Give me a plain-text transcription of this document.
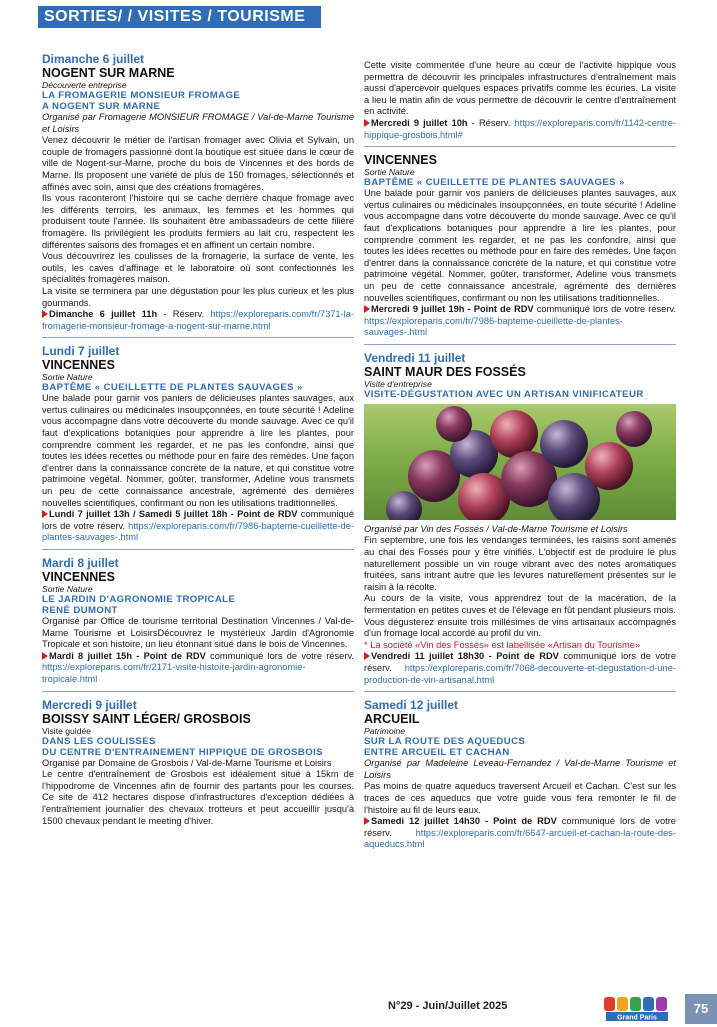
SORTIES/ / VISITES / TOURISME
Dimanche 6 juillet
NOGENT SUR MARNE
Découverte entreprise
LA FROMAGERIE MONSIEUR FROMAGE
A NOGENT SUR MARNE

Organisé par Fromagerie MONSIEUR FROMAGE / Val-de-Marne Tourisme et Loisirs

Venez découvrir le métier de l'artisan fromager avec Olivia et Sylvain, un couple de fromagers passionné dont la boutique est située dans le cœur de ville de Nogent-sur-Marne, proche du bois de Vincennes et des bords de Marne. Ils proposent une variété de plus de 150 fromages, sélectionnés et affinés avec soin, ainsi que des créations fromagères.

Ils vous raconteront l'histoire qui se cache derrière chaque fromage avec les différents terroirs, les animaux, les femmes et les hommes qui produisent toute l'année. Ils souhaitent être ambassadeurs de cette filière fromagère. Ils privilégient les produits fermiers au lait cru, respectent les différentes saisons des fromages et en affinent un certain nombre.

Vous découvrirez les coulisses de la fromagerie, la surface de vente, les outils, les caves d'affinage et le laboratoire où sont confectionnés les spécialités fromagères maison.

La visite se terminera par une dégustation pour les plus curieux et les plus gourmands.

Dimanche 6 juillet 11h - Réserv. https://exploreparis.com/fr/7371-la-fromagerie-monsieur-fromage-a-nogent-sur-marne.html

Lundi 7 juillet
VINCENNES
Sortie Nature
BAPTÊME « CUEILLETTE DE PLANTES SAUVAGES »

Une balade pour garnir vos paniers de délicieuses plantes sauvages, aux vertus culinaires ou médicinales insoupçonnées, en toute sécurité ! Adeline vous accompagne dans votre découverte du monde sauvage. Avec ce qu'il faut d'explications botaniques pour apprendre à lire les plantes, pour comprendre comment les regarder, et ne pas les confondre, ainsi que toutes les idées recettes ou méthode pour en faire des remèdes. Une façon d'entrer dans la connaissance concrète de la nature, et qui constitue votre patrimoine végétal. Nommer, goûter, transformer, Adeline vous transmets un peu de cette connaissance ancestrale, agrémenté des dernières nouvelles scientifiques, confirmant ou non les utilisations traditionnelles.

Lundi 7 juillet 13h / Samedi 5 juillet 18h - Point de RDV communiqué lors de votre réserv. https://exploreparis.com/fr/7986-bapteme-cueillette-de-plantes-sauvages-.html

Mardi 8 juillet
VINCENNES
Sortie Nature
LE JARDIN D'AGRONOMIE TROPICALE
RENÉ DUMONT

Organisé par Office de tourisme territorial Destination Vincennes / Val-de-Marne Tourisme et LoisirsDécouvrez le mystérieux Jardin d'Agronomie Tropicale et son histoire, un lieu étonnant situé dans le bois de Vincennes.

Mardi 8 juillet 15h - Point de RDV communiqué lors de votre réserv. https://exploreparis.com/fr/2171-visite-histoire-jardin-agronomie-tropicale.html

Mercredi 9 juillet
BOISSY SAINT LÉGER/ GROSBOIS
Visite guidée
DANS LES COULISSES
DU CENTRE D'ENTRAINEMENT HIPPIQUE DE GROSBOIS

Organisé par Domaine de Grosbois / Val-de-Marne Tourisme et Loisirs

Le centre d'entraînement de Grosbois est idéalement situé à 15km de l'hippodrome de Vincennes afin de fournir des partants pour les courses. Ce site de 412 hectares dispose d'infrastructures d'exception dédiées à l'entraînement journalier des chevaux trotteurs et peut accueillir jusqu'à 1500 chevaux pendant le meeting d'hiver.

Cette visite commentée d'une heure au cœur de l'activité hippique vous permettra de découvrir les principales infrastructures d'entraînement mais aussi d'apercevoir quelques espaces privatifs comme les écuries. La visite a lieu le matin afin de vous permettre de découvrir le centre d'entraînement en activité.

Mercredi 9 juillet 10h - Réserv. https://exploreparis.com/fr/1142-centre-hippique-grosbois.html#

VINCENNES
Sortie Nature
BAPTÊME « CUEILLETTE DE PLANTES SAUVAGES »

Une balade pour garnir vos paniers de délicieuses plantes sauvages, aux vertus culinaires ou médicinales insoupçonnées, en toute sécurité ! Adeline vous accompagne dans votre découverte du monde sauvage. Avec ce qu'il faut d'explications botaniques pour apprendre à lire les plantes, pour comprendre comment les regarder, et ne pas les confondre, ainsi que toutes les idées recettes ou méthode pour en faire des remèdes. Une façon d'entrer dans la connaissance concrète de la nature, et qui constitue votre patrimoine végétal. Nommer, goûter, transformer, Adeline vous transmets un peu de cette connaissance ancestrale, agrémenté des dernières nouvelles scientifiques, confirmant ou non les utilisations traditionnelles.

Mercredi 9 juillet 19h - Point de RDV communiqué lors de votre réserv. https://exploreparis.com/fr/7986-bapteme-cueillette-de-plantes-sauvages-.html

Vendredi 11 juillet
SAINT MAUR DES FOSSÉS
Visite d'entreprise
VISITE-DÉGUSTATION AVEC UN ARTISAN VINIFICATEUR

Organisé par Vin des Fossés / Val-de-Marne Tourisme et Loisirs

Fin septembre, une fois les vendanges terminées, les raisins sont amenés au chai des Fossés pour y être vinifiés. L'objectif est de produire le plus naturellement possible un vin rouge vibrant avec des notes aromatiques fruitées, sans intrant autre que les levures naturellement présentes sur le raisin à la récolte.

Au cours de la visite, vous apprendrez tout de la macération, de la fermentation en petites cuves et de l'élevage en fût pendant plusieurs mois. Vous dégusterez ensuite trois millésimes de vins artisanaux accompagnés d'un fromage local accordé au profil du vin.

* La société «Vin des Fossés» est labellisée «Artisan du Tourisme»

Vendredi 11 juillet 18h30 - Point de RDV communiqué lors de votre réserv. https://exploreparis.com/fr/7068-decouverte-et-degustation-d-une-production-de-vin-artisanal.html

Samedi 12 juillet
ARCUEIL
Patrimoine
SUR LA ROUTE DES AQUEDUCS
ENTRE ARCUEIL ET CACHAN

Organisé par Madeleine Leveau-Fernandez / Val-de-Marne Tourisme et Loisirs

Pas moins de quatre aqueducs traversent Arcueil et Cachan. C'est sur les traces de ces aqueducs que votre guide vous fera remonter le fil de l'histoire au fil de leurs eaux.

Samedi 12 juillet 14h30 - Point de RDV communiqué lors de votre réserv. https://exploreparis.com/fr/6647-arcueil-et-cachan-la-route-des-aqueducs.html

N°29 - Juin/Juillet 2025
Grand Paris
75
